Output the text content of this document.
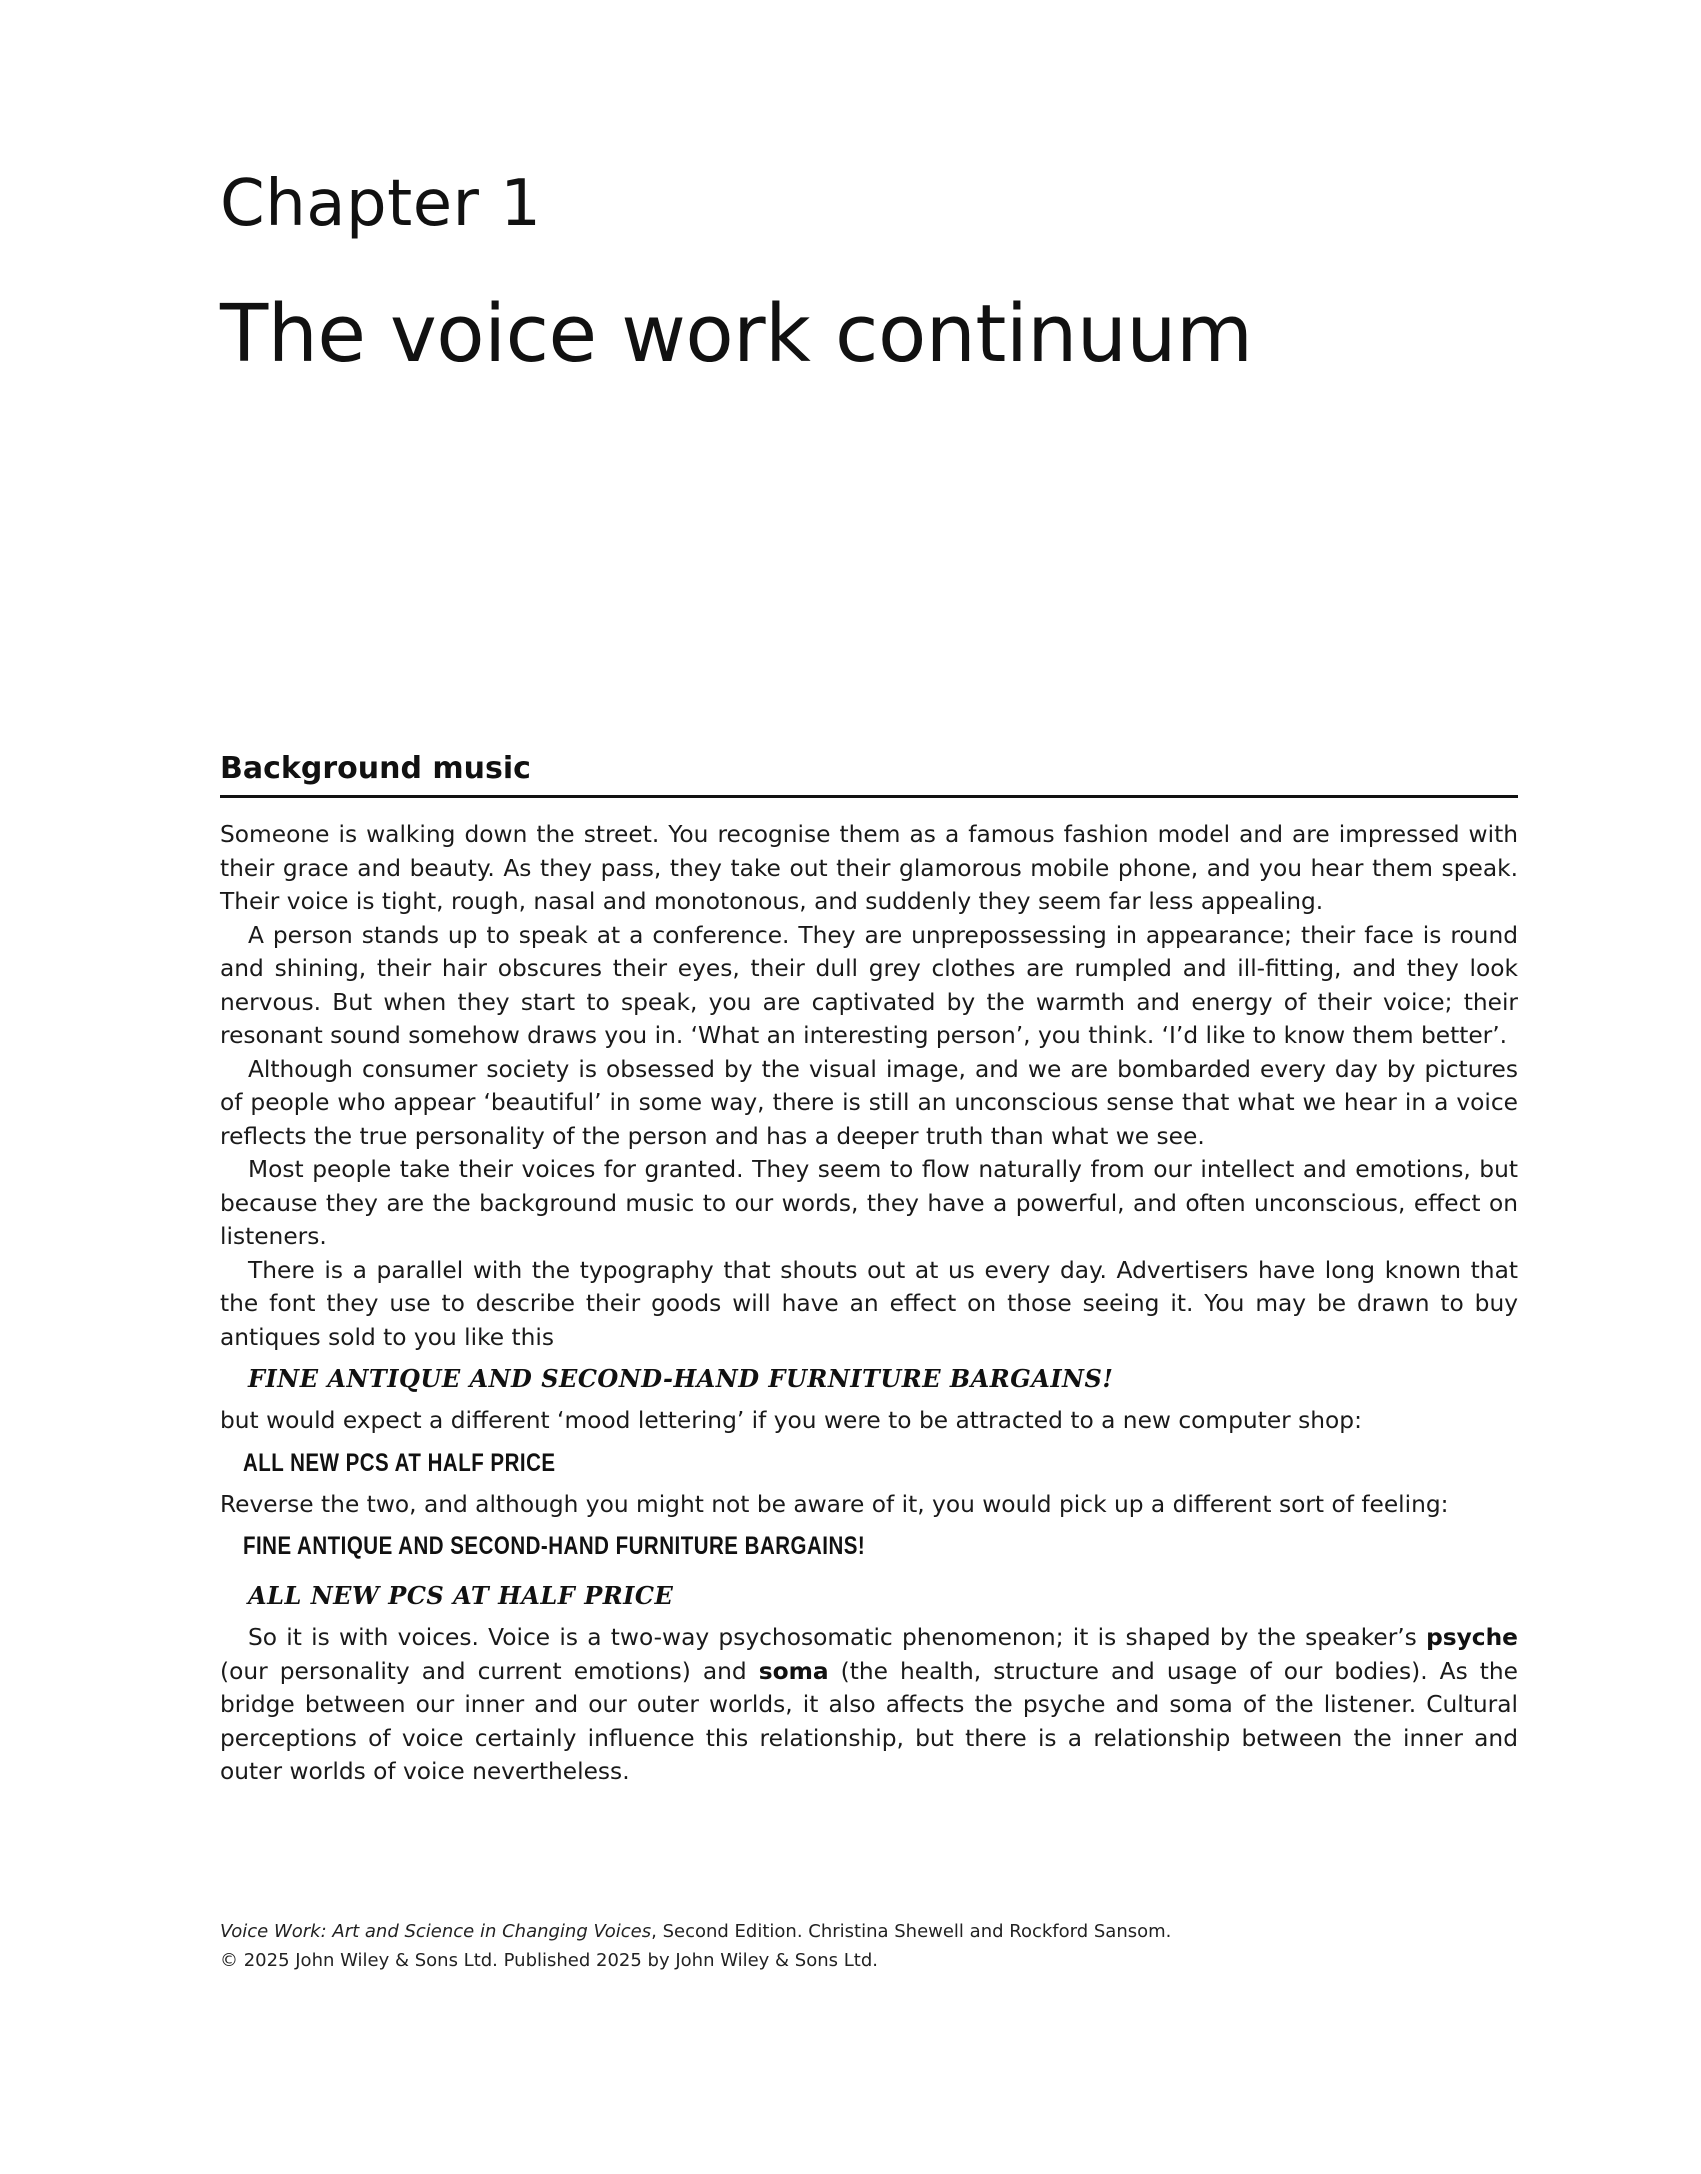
Chapter 1
The voice work continuum
Background music

Someone is walking down the street. You recognise them as a famous fashion model and are impressed with their grace and beauty. As they pass, they take out their glamorous mobile phone, and you hear them speak. Their voice is tight, rough, nasal and monotonous, and suddenly they seem far less appealing.

A person stands up to speak at a conference. They are unprepossessing in appearance; their face is round and shining, their hair obscures their eyes, their dull grey clothes are rumpled and ill-fitting, and they look nervous. But when they start to speak, you are captivated by the warmth and energy of their voice; their resonant sound somehow draws you in. ‘What an interesting person’, you think. ‘I’d like to know them better’.

Although consumer society is obsessed by the visual image, and we are bombarded every day by pictures of people who appear ‘beautiful’ in some way, there is still an unconscious sense that what we hear in a voice reflects the true personality of the person and has a deeper truth than what we see.

Most people take their voices for granted. They seem to flow naturally from our intellect and emotions, but because they are the background music to our words, they have a powerful, and often unconscious, effect on listeners.

There is a parallel with the typography that shouts out at us every day. Advertisers have long known that the font they use to describe their goods will have an effect on those seeing it. You may be drawn to buy antiques sold to you like this

FINE ANTIQUE AND SECOND-HAND FURNITURE BARGAINS!

but would expect a different ‘mood lettering’ if you were to be attracted to a new computer shop:

ALL NEW PCS AT HALF PRICE

Reverse the two, and although you might not be aware of it, you would pick up a different sort of feeling:

FINE ANTIQUE AND SECOND-HAND FURNITURE BARGAINS!
ALL NEW PCS AT HALF PRICE

So it is with voices. Voice is a two-way psychosomatic phenomenon; it is shaped by the speaker’s psyche (our personality and current emotions) and soma (the health, structure and usage of our bodies). As the bridge between our inner and our outer worlds, it also affects the psyche and soma of the listener. Cultural perceptions of voice certainly influence this relationship, but there is a relationship between the inner and outer worlds of voice nevertheless.

Voice Work: Art and Science in Changing Voices, Second Edition. Christina Shewell and Rockford Sansom.
© 2025 John Wiley & Sons Ltd. Published 2025 by John Wiley & Sons Ltd.
